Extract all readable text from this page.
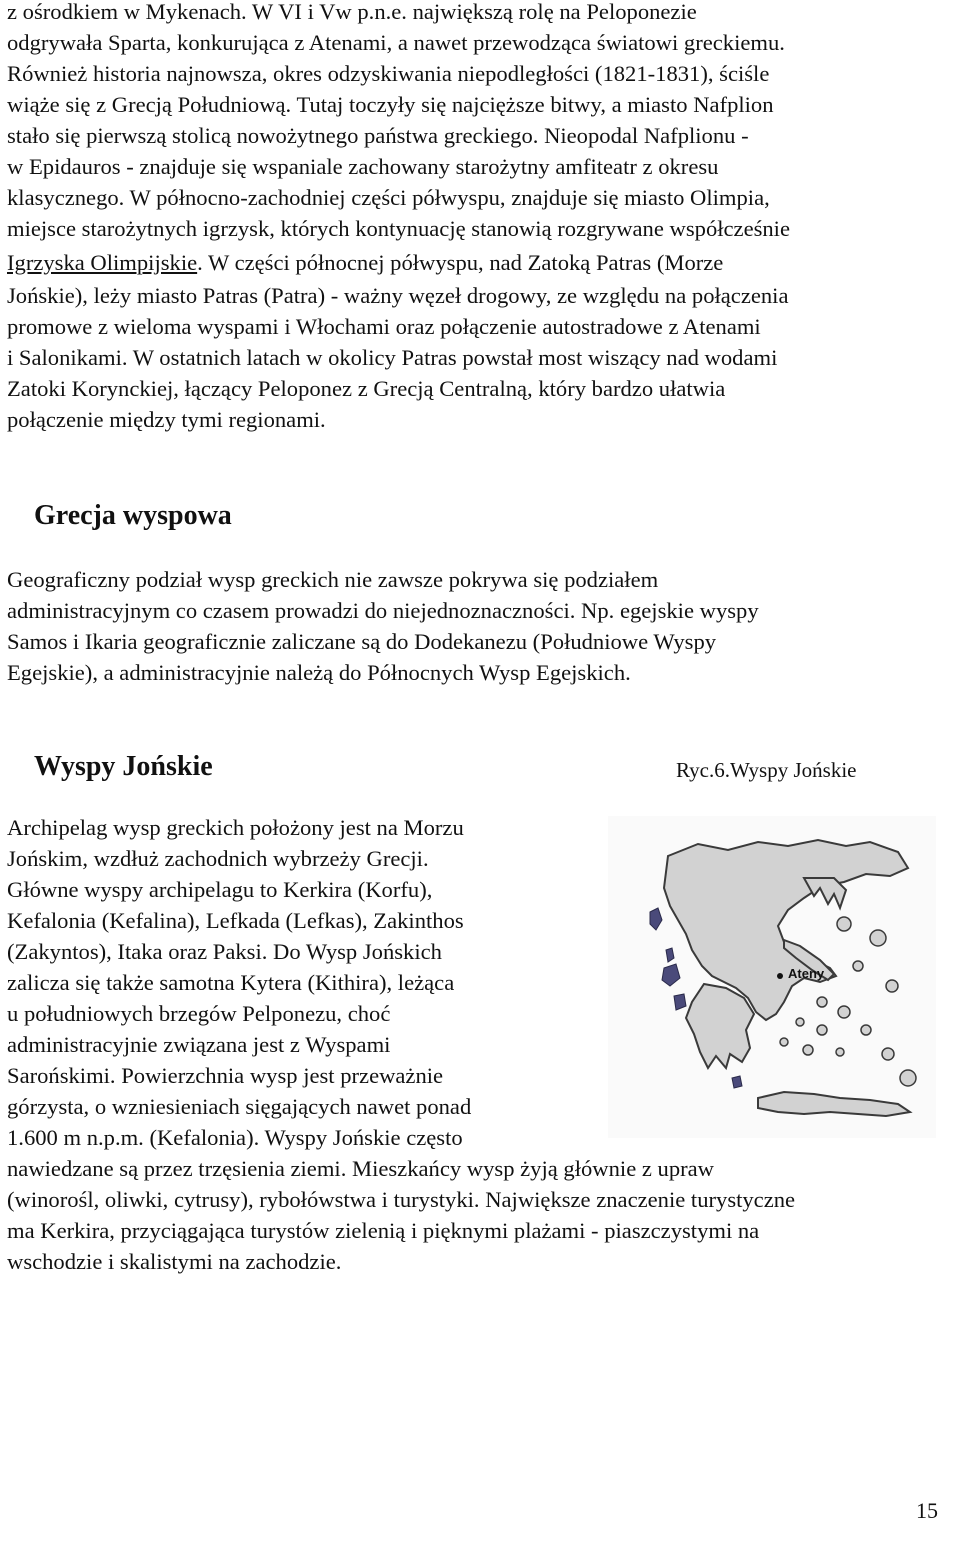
z ośrodkiem w Mykenach. W VI i Vw p.n.e. największą rolę na Peloponezie
odgrywała Sparta, konkurująca z Atenami, a nawet przewodząca światowi greckiemu.
Również historia najnowsza, okres odzyskiwania niepodległości (1821-1831), ściśle
wiąże się z Grecją Południową. Tutaj toczyły się najcięższe bitwy, a miasto Nafplion
stało się pierwszą stolicą nowożytnego państwa greckiego. Nieopodal Nafplionu -
w Epidauros - znajduje się wspaniale zachowany starożytny amfiteatr z okresu
klasycznego. W północno-zachodniej części półwyspu, znajduje się miasto Olimpia,
miejsce starożytnych igrzysk, których kontynuację stanowią rozgrywane współcześnie
Igrzyska Olimpijskie. W części północnej półwyspu, nad Zatoką Patras (Morze
Jońskie), leży miasto Patras (Patra) - ważny węzeł drogowy, ze względu na połączenia
promowe z wieloma wyspami i Włochami oraz połączenie autostradowe z Atenami
i Salonikami. W ostatnich latach w okolicy Patras powstał most wiszący nad wodami
Zatoki Korynckiej, łączący Peloponez z Grecją Centralną, który bardzo ułatwia
połączenie między tymi regionami.
Grecja wyspowa
Geograficzny podział wysp greckich nie zawsze pokrywa się podziałem
administracyjnym co czasem prowadzi do niejednoznaczności. Np. egejskie wyspy
Samos i Ikaria geograficznie zaliczane są do Dodekanezu (Południowe Wyspy
Egejskie), a administracyjnie należą do Północnych Wysp Egejskich.
Wyspy Jońskie	Ryc.6.Wyspy Jońskie
Ateny
Archipelag wysp greckich położony jest na Morzu
Jońskim, wzdłuż zachodnich wybrzeży Grecji.
Główne wyspy archipelagu to Kerkira (Korfu),
Kefalonia (Kefalina), Lefkada (Lefkas), Zakinthos
(Zakyntos), Itaka oraz Paksi. Do Wysp Jońskich
zalicza się także samotna Kytera (Kithira), leżąca
u południowych brzegów Pelponezu, choć
administracyjnie związana jest z Wyspami
Sarońskimi. Powierzchnia wysp jest przeważnie
górzysta, o wzniesieniach sięgających nawet ponad
1.600 m n.p.m. (Kefalonia). Wyspy Jońskie często
nawiedzane są przez trzęsienia ziemi. Mieszkańcy wysp żyją głównie z upraw
(winorośl, oliwki, cytrusy), rybołówstwa i turystyki. Największe znaczenie turystyczne
ma Kerkira, przyciągająca turystów zielenią i pięknymi plażami - piaszczystymi na
wschodzie i skalistymi na zachodzie.
15
